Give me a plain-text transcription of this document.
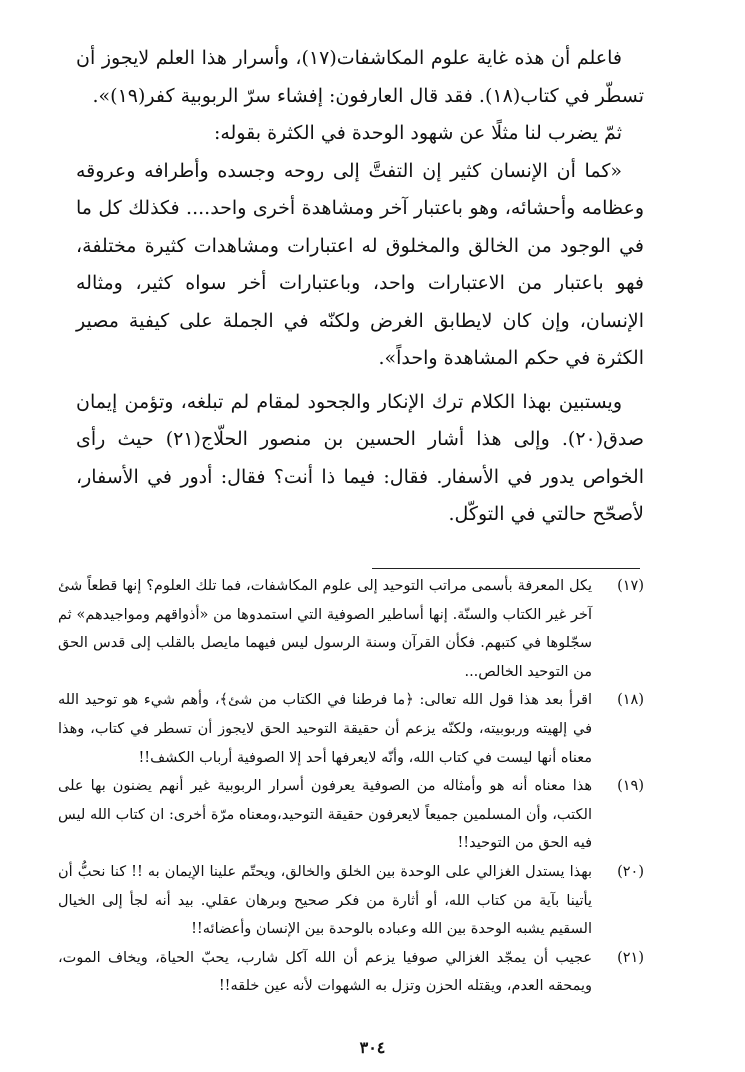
فاعلم أن هذه غاية علوم المكاشفات(١٧)، وأسرار هذا العلم لايجوز أن تسطّر في كتاب(١٨). فقد قال العارفون: إفشاء سرّ الربوبية كفر(١٩)».

ثمّ يضرب لنا مثلًا عن شهود الوحدة في الكثرة بقوله:

«كما أن الإنسان كثير إن التفتَّ إلى روحه وجسده وأطرافه وعروقه وعظامه وأحشائه، وهو باعتبار آخر ومشاهدة أخرى واحد.... فكذلك كل ما في الوجود من الخالق والمخلوق له اعتبارات ومشاهدات كثيرة مختلفة، فهو باعتبار من الاعتبارات واحد، وباعتبارات أخر سواه كثير، ومثاله الإنسان، وإن كان لايطابق الغرض ولكنّه في الجملة على كيفية مصير الكثرة في حكم المشاهدة واحداً».

ويستبين بهذا الكلام ترك الإنكار والجحود لمقام لم تبلغه، وتؤمن إيمان صدق(٢٠). وإلى هذا أشار الحسين بن منصور الحلّاج(٢١) حيث رأى الخواص يدور في الأسفار. فقال: فيما ذا أنت؟ فقال: أدور في الأسفار، لأصحّح حالتي في التوكّل.

(١٧)
يكل المعرفة بأسمى مراتب التوحيد إلى علوم المكاشفات، فما تلك العلوم؟ إنها قطعاً شئ آخر غير الكتاب والسنّة. إنها أساطير الصوفية التي استمدوها من «أذواقهم ومواجيدهم» ثم سجّلوها في كتبهم. فكأن القرآن وسنة الرسول ليس فيهما مايصل بالقلب إلى قدس الحق من التوحيد الخالص...
(١٨)
اقرأ بعد هذا قول الله تعالى: ﴿ما فرطنا في الكتاب من شئ﴾، وأهم شيء هو توحيد الله في إلهيته وربوبيته، ولكنّه يزعم أن حقيقة التوحيد الحق لايجوز أن تسطر في كتاب، وهذا معناه أنها ليست في كتاب الله، وأنّه لايعرفها أحد إلا الصوفية أرباب الكشف!!
(١٩)
هذا معناه أنه هو وأمثاله من الصوفية يعرفون أسرار الربوبية غير أنهم يضنون بها على الكتب، وأن المسلمين جميعاً لايعرفون حقيقة التوحيد،ومعناه مرّة أخرى: ان كتاب الله ليس فيه الحق من التوحيد!!
(٢٠)
بهذا يستدل الغزالي على الوحدة بين الخلق والخالق، ويحتّم علينا الإيمان به !! كنا نحبُّ أن يأتينا بآية من كتاب الله، أو أثارة من فكر صحيح وبرهان عقلي. بيد أنه لجأ إلى الخيال السقيم يشبه الوحدة بين الله وعباده بالوحدة بين الإنسان وأعضائه!!
(٢١)
عجيب أن يمجّد الغزالي صوفيا يزعم أن الله آكل شارب، يحبّ الحياة، ويخاف الموت، ويمحقه العدم، ويقتله الحزن وتزل به الشهوات لأنه عين خلقه!!
٣٠٤
